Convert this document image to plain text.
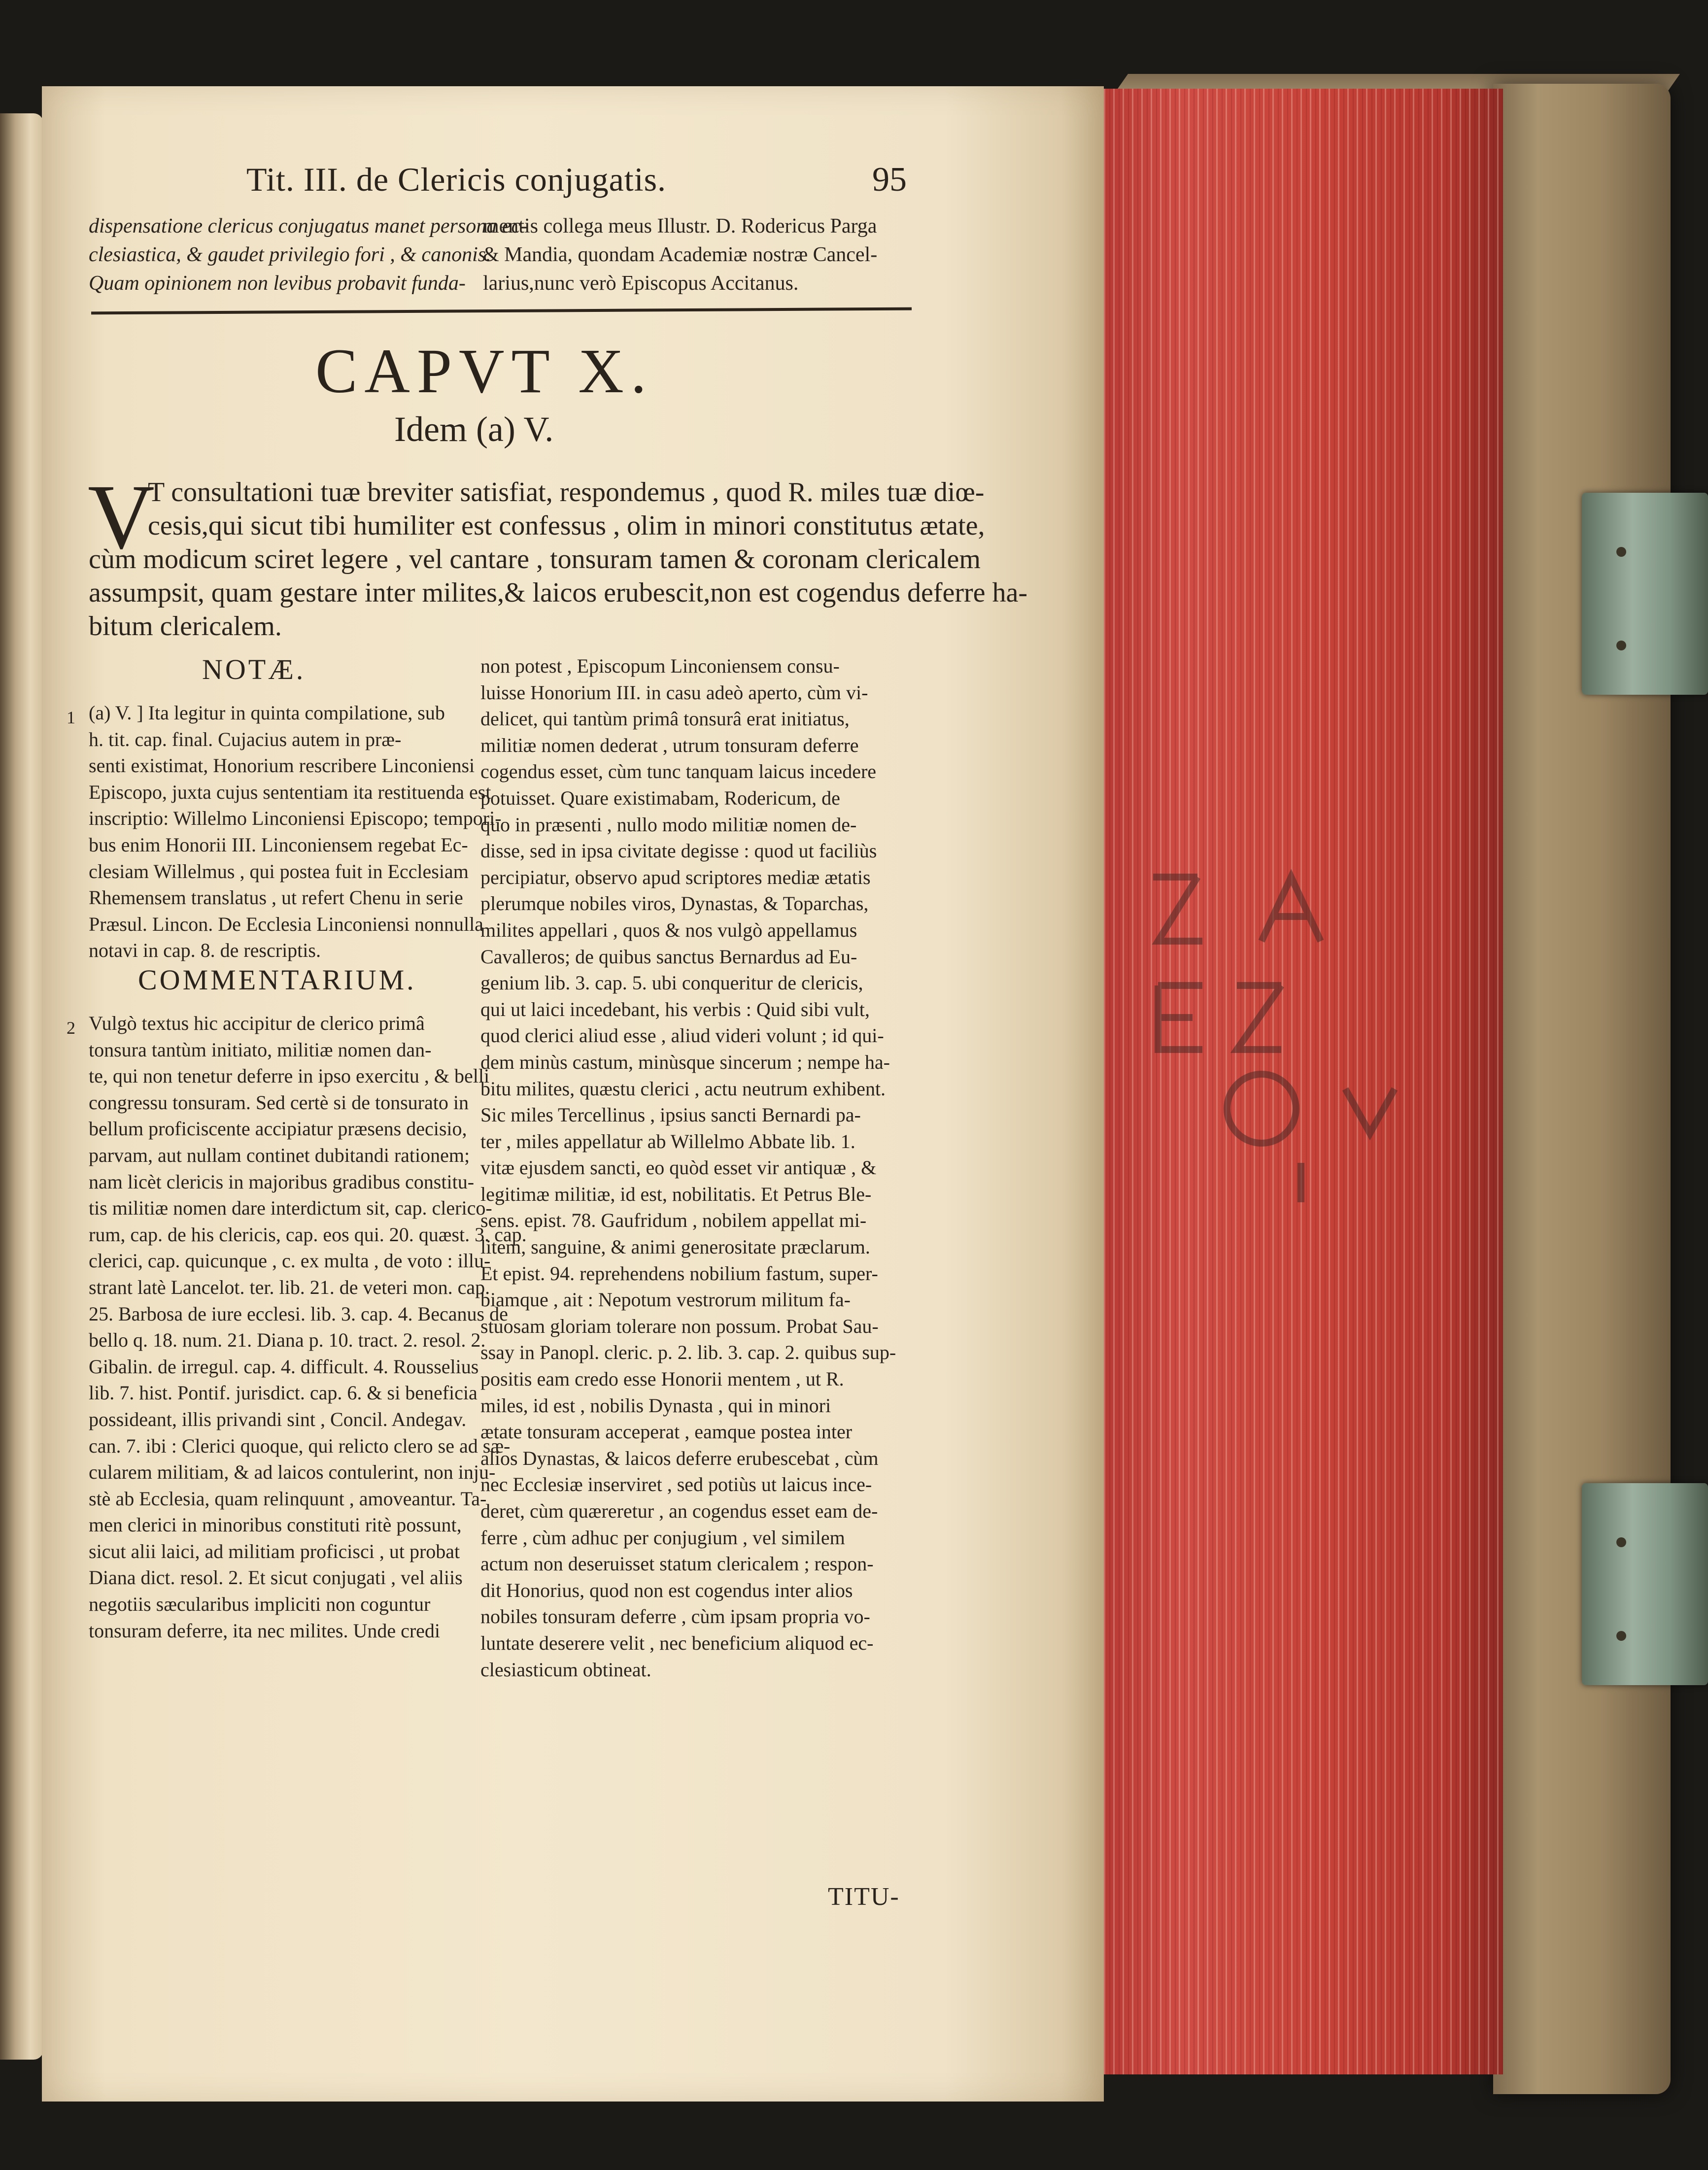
Tit. III. de Clericis conjugatis.	95
dispensatione clericus conjugatus manet persona ec-
clesiastica, & gaudet privilegio fori , & canonis.
Quam opinionem non levibus probavit funda-
mentis collega meus Illustr. D. Rodericus Parga
& Mandia, quondam Academiæ nostræ Cancel-
larius,nunc verò Episcopus Accitanus.
CAPVT X.
Idem (a) V.
V
T consultationi tuæ breviter satisfiat, respondemus , quod R. miles tuæ diœ-
cesis,qui sicut tibi humiliter est confessus , olim in minori constitutus ætate,
cùm modicum sciret legere , vel cantare , tonsuram tamen & coronam clericalem
assumpsit, quam gestare inter milites,& laicos erubescit,non est cogendus deferre ha-
bitum clericalem.
NOTÆ.
1 (a) V. ] Ita legitur in quinta compilatione, sub
h. tit. cap. final. Cujacius autem in præ-
senti existimat, Honorium rescribere Linconiensi
Episcopo, juxta cujus sententiam ita restituenda est
inscriptio: Willelmo Linconiensi Episcopo; tempori-
bus enim Honorii III. Linconiensem regebat Ec-
clesiam Willelmus , qui postea fuit in Ecclesiam
Rhemensem translatus , ut refert Chenu in serie
Præsul. Lincon. De Ecclesia Linconiensi nonnulla
notavi in cap. 8. de rescriptis.
COMMENTARIUM.
2 Vulgò textus hic accipitur de clerico primâ
tonsura tantùm initiato, militiæ nomen dan-
te, qui non tenetur deferre in ipso exercitu , & belli
congressu tonsuram. Sed certè si de tonsurato in
bellum proficiscente accipiatur præsens decisio,
parvam, aut nullam continet dubitandi rationem;
nam licèt clericis in majoribus gradibus constitu-
tis militiæ nomen dare interdictum sit, cap. clerico-
rum, cap. de his clericis, cap. eos qui. 20. quæst. 3. cap.
clerici, cap. quicunque , c. ex multa , de voto : illu-
strant latè Lancelot. ter. lib. 21. de veteri mon. cap.
25. Barbosa de iure ecclesi. lib. 3. cap. 4. Becanus de
bello q. 18. num. 21. Diana p. 10. tract. 2. resol. 2.
Gibalin. de irregul. cap. 4. difficult. 4. Rousselius
lib. 7. hist. Pontif. jurisdict. cap. 6. & si beneficia
possideant, illis privandi sint , Concil. Andegav.
can. 7. ibi : Clerici quoque, qui relicto clero se ad sæ-
cularem militiam, & ad laicos contulerint, non inju-
stè ab Ecclesia, quam relinquunt , amoveantur. Ta-
men clerici in minoribus constituti ritè possunt,
sicut alii laici, ad militiam proficisci , ut probat
Diana dict. resol. 2. Et sicut conjugati , vel aliis
negotiis sæcularibus impliciti non coguntur
tonsuram deferre, ita nec milites. Unde credi
non potest , Episcopum Linconiensem consu-
luisse Honorium III. in casu adeò aperto, cùm vi-
delicet, qui tantùm primâ tonsurâ erat initiatus,
militiæ nomen dederat , utrum tonsuram deferre
cogendus esset, cùm tunc tanquam laicus incedere
potuisset. Quare existimabam, Rodericum, de
quo in præsenti , nullo modo militiæ nomen de-
disse, sed in ipsa civitate degisse : quod ut faciliùs
percipiatur, observo apud scriptores mediæ ætatis
plerumque nobiles viros, Dynastas, & Toparchas,
milites appellari , quos & nos vulgò appellamus
Cavalleros; de quibus sanctus Bernardus ad Eu-
genium lib. 3. cap. 5. ubi conqueritur de clericis,
qui ut laici incedebant, his verbis : Quid sibi vult,
quod clerici aliud esse , aliud videri volunt ; id qui-
dem minùs castum, minùsque sincerum ; nempe ha-
bitu milites, quæstu clerici , actu neutrum exhibent.
Sic miles Tercellinus , ipsius sancti Bernardi pa-
ter , miles appellatur ab Willelmo Abbate lib. 1.
vitæ ejusdem sancti, eo quòd esset vir antiquæ , &
legitimæ militiæ, id est, nobilitatis. Et Petrus Ble-
sens. epist. 78. Gaufridum , nobilem appellat mi-
litem, sanguine, & animi generositate præclarum.
Et epist. 94. reprehendens nobilium fastum, super-
biamque , ait : Nepotum vestrorum militum fa-
stuosam gloriam tolerare non possum. Probat Sau-
ssay in Panopl. cleric. p. 2. lib. 3. cap. 2. quibus sup-
positis eam credo esse Honorii mentem , ut R.
miles, id est , nobilis Dynasta , qui in minori
ætate tonsuram acceperat , eamque postea inter
alios Dynastas, & laicos deferre erubescebat , cùm
nec Ecclesiæ inserviret , sed potiùs ut laicus ince-
deret, cùm quæreretur , an cogendus esset eam de-
ferre , cùm adhuc per conjugium , vel similem
actum non deseruisset statum clericalem ; respon-
dit Honorius, quod non est cogendus inter alios
nobiles tonsuram deferre , cùm ipsam propria vo-
luntate deserere velit , nec beneficium aliquod ec-
clesiasticum obtineat.
TITU-
